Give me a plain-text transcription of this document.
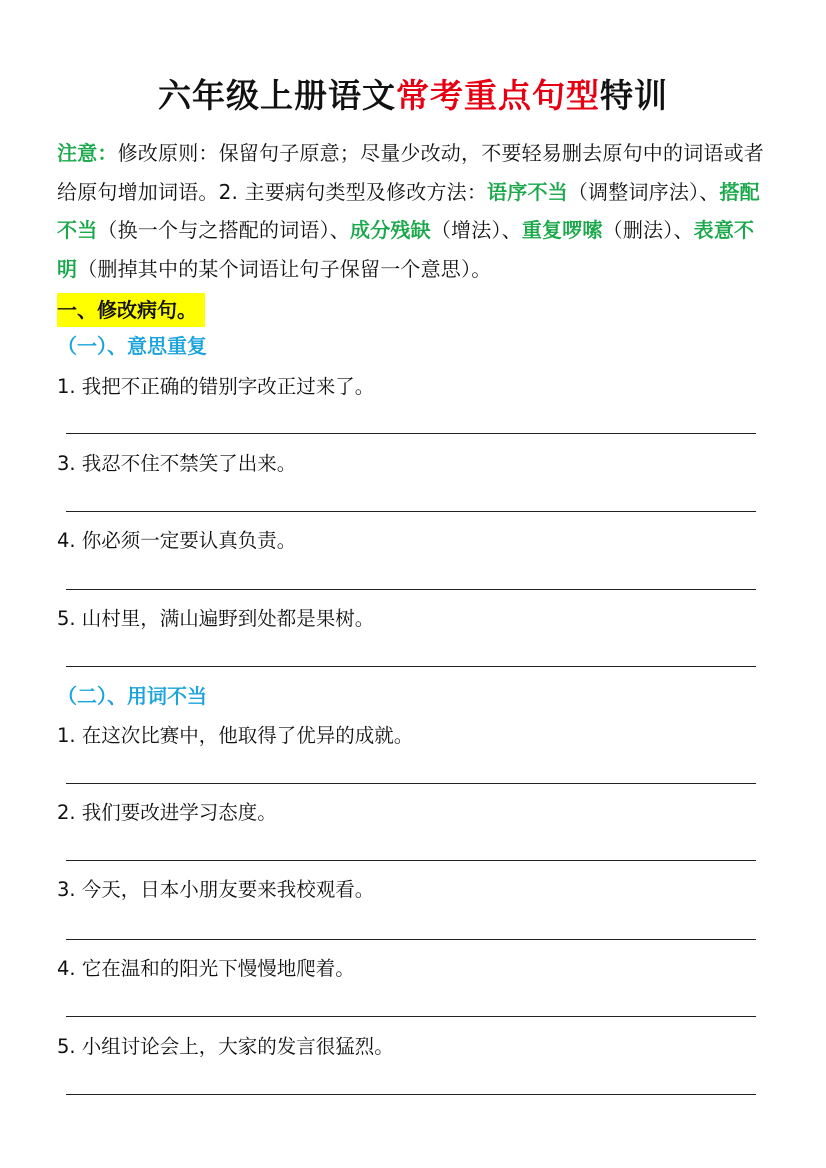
六年级上册语文常考重点句型特训
注意：修改原则：保留句子原意；尽量少改动，不要轻易删去原句中的词语或者给原句增加词语。2. 主要病句类型及修改方法：语序不当（调整词序法）、搭配不当（换一个与之搭配的词语）、成分残缺（增法）、重复啰嗦（删法）、表意不明（删掉其中的某个词语让句子保留一个意思）。
一、修改病句。
（一）、意思重复
1. 我把不正确的错别字改正过来了。
3. 我忍不住不禁笑了出来。
4. 你必须一定要认真负责。
5. 山村里，满山遍野到处都是果树。
（二）、用词不当
1. 在这次比赛中，他取得了优异的成就。
2. 我们要改进学习态度。
3. 今天，日本小朋友要来我校观看。
4. 它在温和的阳光下慢慢地爬着。
5. 小组讨论会上，大家的发言很猛烈。
